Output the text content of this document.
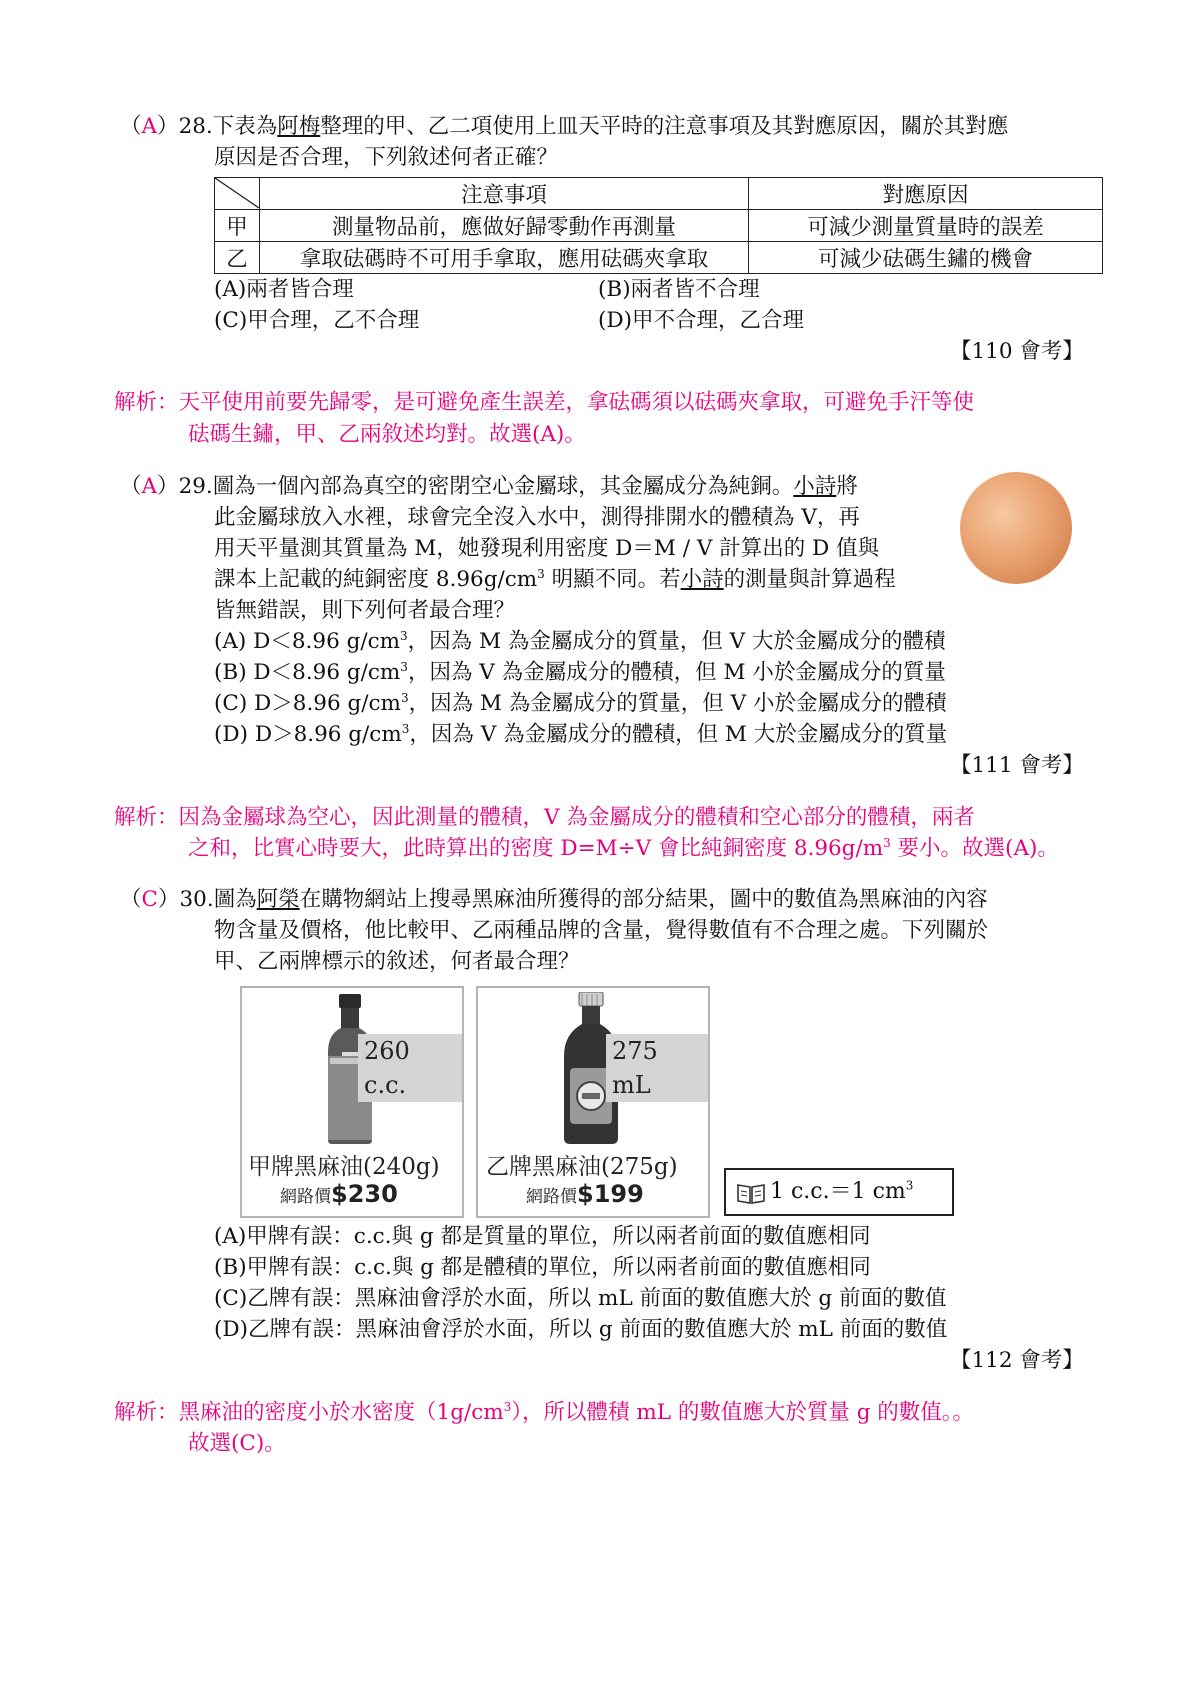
（A）28.下表為阿梅整理的甲、乙二項使用上皿天平時的注意事項及其對應原因，關於其對應
原因是否合理，下列敘述何者正確？
	注意事項	對應原因
甲	測量物品前，應做好歸零動作再測量	可減少測量質量時的誤差
乙	拿取砝碼時不可用手拿取，應用砝碼夾拿取	可減少砝碼生鏽的機會
(A)兩者皆合理	(B)兩者皆不合理
(C)甲合理，乙不合理	(D)甲不合理，乙合理
【110 會考】
解析：天平使用前要先歸零，是可避免產生誤差，拿砝碼須以砝碼夾拿取，可避免手汗等使
砝碼生鏽，甲、乙兩敘述均對。故選(A)。
（A）29.圖為一個內部為真空的密閉空心金屬球，其金屬成分為純銅。小詩將
此金屬球放入水裡，球會完全沒入水中，測得排開水的體積為 V，再
用天平量測其質量為 M，她發現利用密度 D＝M / V 計算出的 D 值與
課本上記載的純銅密度 $8.96g/cm^3$ 明顯不同。若小詩的測量與計算過程
皆無錯誤，則下列何者最合理？
(A) D＜8.96 $g/cm^3$，因為 M 為金屬成分的質量，但 V 大於金屬成分的體積
(B) D＜8.96 $g/cm^3$，因為 V 為金屬成分的體積，但 M 小於金屬成分的質量
(C) D＞8.96 $g/cm^3$，因為 M 為金屬成分的質量，但 V 小於金屬成分的體積
(D) D＞8.96 $g/cm^3$，因為 V 為金屬成分的體積，但 M 大於金屬成分的質量
【111 會考】
解析：因為金屬球為空心，因此測量的體積，V 為金屬成分的體積和空心部分的體積，兩者
之和，比實心時要大，此時算出的密度 D=M÷V 會比純銅密度 $8.96g/m^3$ 要小。故選(A)。
（C）30.圖為阿榮在購物網站上搜尋黑麻油所獲得的部分結果，圖中的數值為黑麻油的內容
物含量及價格，他比較甲、乙兩種品牌的含量，覺得數值有不合理之處。下列關於
甲、乙兩牌標示的敘述，何者最合理？
260 c.c.
甲牌黑麻油(240g)
網路價$230
275 mL
乙牌黑麻油(275g)
網路價$199	1 c.c.＝1 $cm^3$
(A)甲牌有誤：c.c.與 g 都是質量的單位，所以兩者前面的數值應相同
(B)甲牌有誤：c.c.與 g 都是體積的單位，所以兩者前面的數值應相同
(C)乙牌有誤：黑麻油會浮於水面，所以 mL 前面的數值應大於 g 前面的數值
(D)乙牌有誤：黑麻油會浮於水面，所以 g 前面的數值應大於 mL 前面的數值
【112 會考】
解析：黑麻油的密度小於水密度$(1g/cm^3)$，所以體積 mL 的數值應大於質量 g 的數值。。
故選(C)。
